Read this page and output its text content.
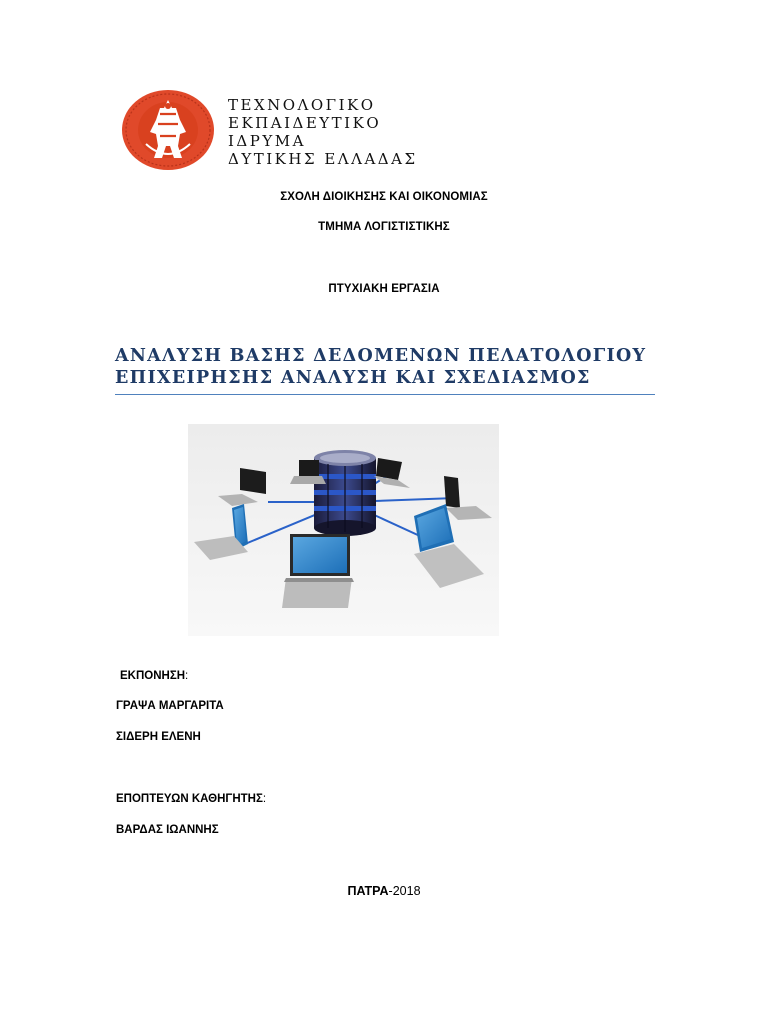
ΤΕΧΝΟΛΟΓΙΚΟ
ΕΚΠΑΙΔΕΥΤΙΚΟ
ΙΔΡΥΜΑ
ΔΥΤΙΚΗΣ ΕΛΛΑΔΑΣ
ΣΧΟΛΗ ΔΙΟΙΚΗΣΗΣ ΚΑΙ ΟΙΚΟΝΟΜΙΑΣ
ΤΜΗΜΑ ΛΟΓΙΣΤΙΣΤΙΚΗΣ
ΠΤΥΧΙΑΚΗ ΕΡΓΑΣΙΑ
ΑΝΑΛΥΣΗ ΒΑΣΗΣ ΔΕΔΟΜΕΝΩΝ ΠΕΛΑΤΟΛΟΓΙΟΥ
ΕΠΙΧΕΙΡΗΣΗΣ ΑΝΑΛΥΣΗ ΚΑΙ ΣΧΕΔΙΑΣΜΟΣ
ΕΚΠΟΝΗΣΗ:
ΓΡΑΨΑ ΜΑΡΓΑΡΙΤΑ
ΣΙΔΕΡΗ ΕΛΕΝΗ
ΕΠΟΠΤΕΥΩΝ ΚΑΘΗΓΗΤΗΣ:
ΒΑΡΔΑΣ ΙΩΑΝΝΗΣ
ΠΑΤΡΑ-2018
